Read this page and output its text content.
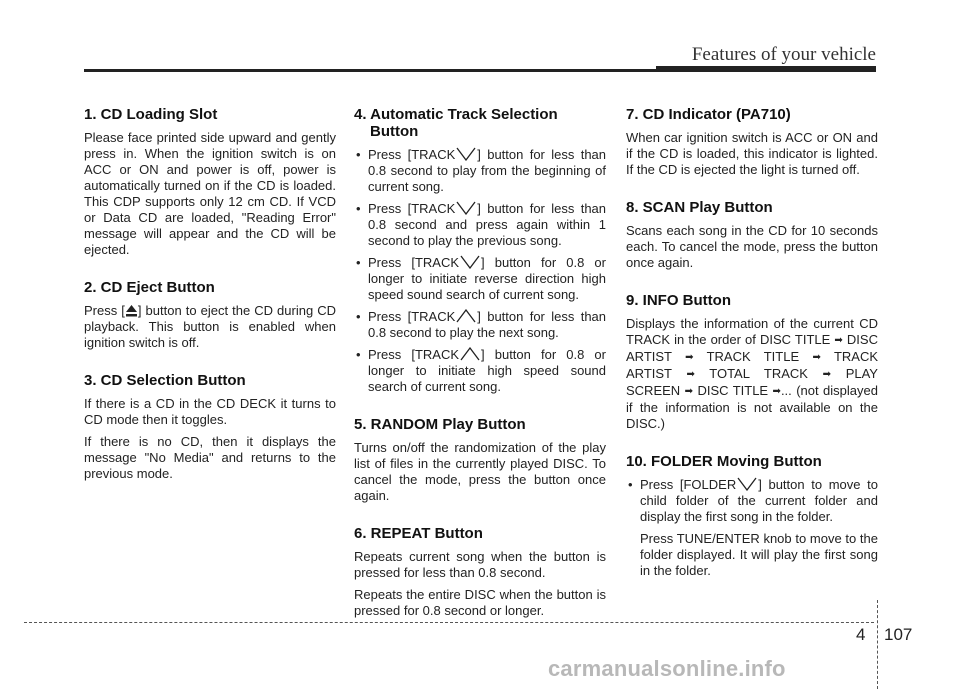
Features of your vehicle
1. CD Loading Slot

Please face printed side upward and gently press in. When the ignition switch is on ACC or ON and power is off, power is automatically turned on if the CD is loaded. This CDP supports only 12 cm CD. If VCD or Data CD are loaded, "Reading Error" message will appear and the CD will be ejected.

2. CD Eject Button

Press [ ] button to eject the CD during CD playback. This button is enabled when ignition switch is off.

3. CD Selection Button

If there is a CD in the CD DECK it turns to CD mode then it toggles.

If there is no CD, then it displays the message "No Media" and returns to the previous mode.

4. Automatic Track Selection Button
• Press [TRACK ] button for less than 0.8 second to play from the beginning of current song.
• Press [TRACK ] button for less than 0.8 second and press again within 1 second to play the previous song.
• Press [TRACK ] button for 0.8 or longer to initiate reverse direction high speed sound search of current song.
• Press [TRACK ] button for less than 0.8 second to play the next song.
• Press [TRACK ] button for 0.8 or longer to initiate high speed sound search of current song.
5. RANDOM Play Button

Turns on/off the randomization of the play list of files in the currently played DISC. To cancel the mode, press the button once again.

6. REPEAT Button

Repeats current song when the button is pressed for less than 0.8 second.

Repeats the entire DISC when the button is pressed for 0.8 second or longer.

7. CD Indicator (PA710)

When car ignition switch is ACC or ON and if the CD is loaded, this indicator is lighted. If the CD is ejected the light is turned off.

8. SCAN Play Button

Scans each song in the CD for 10 seconds each. To cancel the mode, press the button once again.

9. INFO Button

Displays the information of the current CD TRACK in the order of DISC TITLE ➡ DISC ARTIST ➡ TRACK TITLE ➡ TRACK ARTIST ➡ TOTAL TRACK ➡ PLAY SCREEN ➡ DISC TITLE ➡... (not displayed if the information is not available on the DISC.)

10. FOLDER Moving Button
• Press [FOLDER ] button to move to child folder of the current folder and display the first song in the folder.

Press TUNE/ENTER knob to move to the folder displayed. It will play the first song in the folder.

4 107
carmanualsonline.info
